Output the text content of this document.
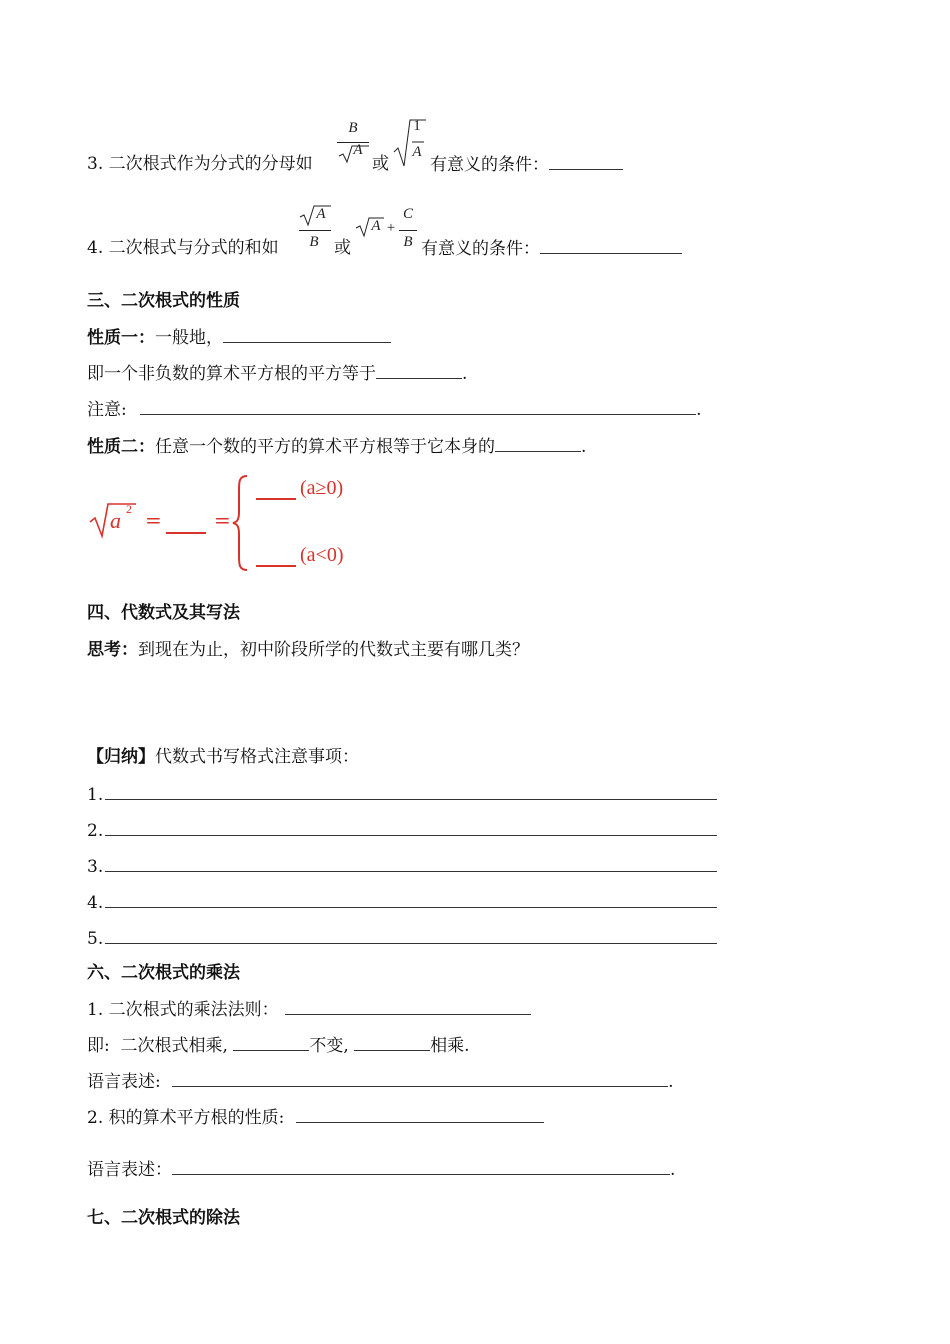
3. 二次根式作为分式的分母如
B
A
或
1
A
有意义的条件：
4. 二次根式与分式的和如
A
B 或
A +
C
B 有意义的条件：
三、二次根式的性质
性质一：一般地，
即一个非负数的算术平方根的平方等于	.
注意:	.
性质二：任意一个数的平方的算术平方根等于它本身的	.
a 2 =	=
(a≥0)
(a<0)
四、代数式及其写法
思考：到现在为止，初中阶段所学的代数式主要有哪几类？
【归纳】代数式书写格式注意事项：
1.
2.
3.
4.
5.
六、二次根式的乘法
1. 二次根式的乘法法则：
即: 二次根式相乘,	不变,	相乘.
语言表述:	.
2. 积的算术平方根的性质:
语言表述：	.
七、二次根式的除法
